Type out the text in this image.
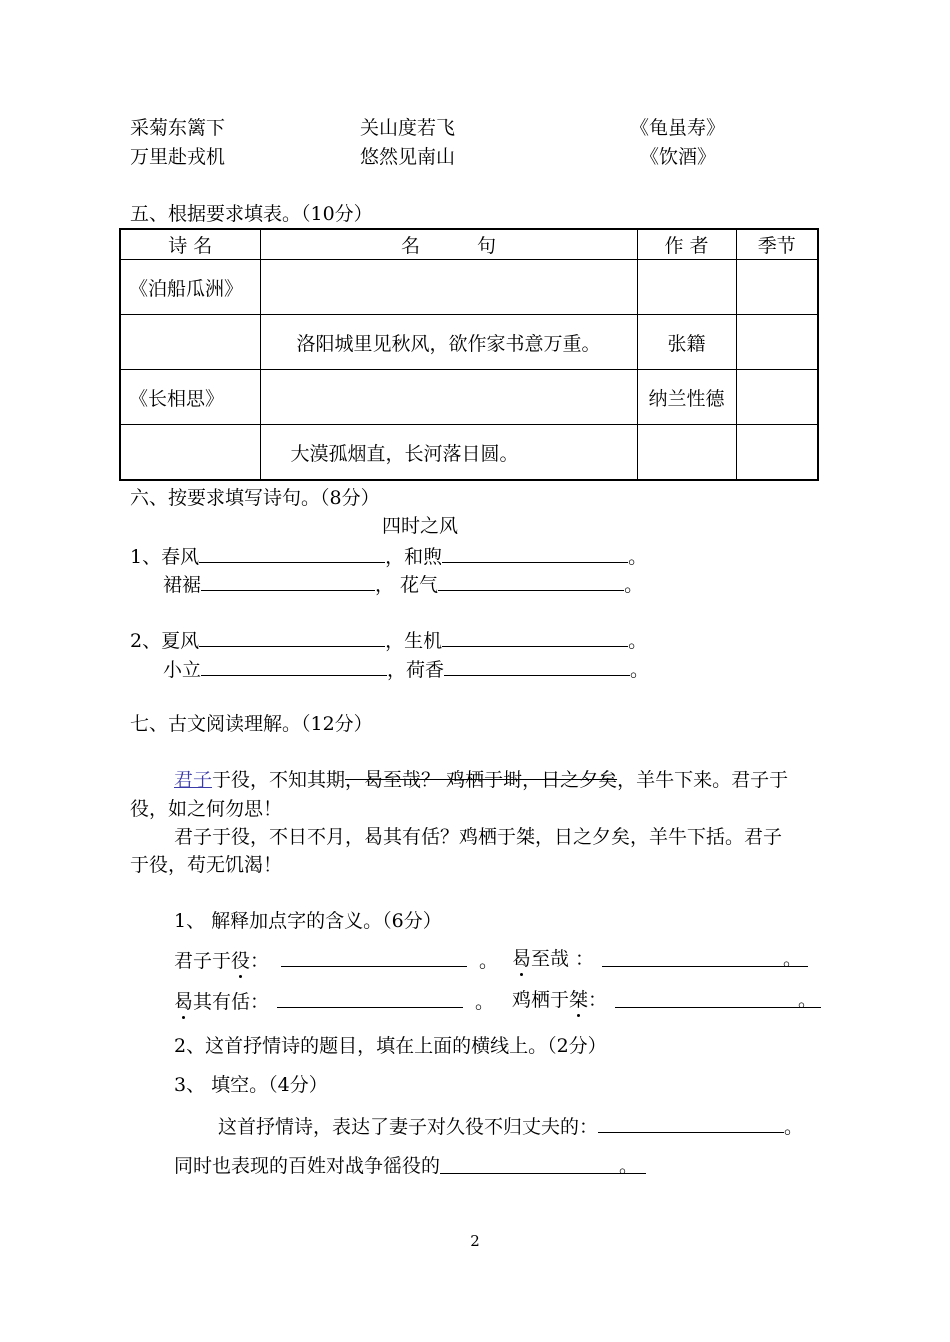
采菊东篱下	关山度若飞	《龟虽寿》
万里赴戎机	悠然见南山	《饮酒》
五、根据要求填表。（10分）
诗 名	名　　　句	作 者	季节
《泊船瓜洲》			
	洛阳城里见秋风，欲作家书意万重。	张籍	
《长相思》		纳兰性德	
	大漠孤烟直，长河落日圆。		
六、按要求填写诗句。（8分）
四时之风
1、春风	，和煦	。
裙裾	， 花气	。
2、夏风	，生机	。
小立	，荷香	。
七、古文阅读理解。（12分）
君子于役，不知其期，曷至哉？ 鸡栖于埘，日之夕矣，羊牛下来。君子于
役，如之何勿思！
君子于役，不日不月，曷其有佸？鸡栖于桀，日之夕矣，羊牛下括。君子
于役，苟无饥渴！
1、 解释加点字的含义。（6分）
君子于役：	。 曷至哉 ：	。
曷其有佸：	。 鸡栖于桀：	。
2、这首抒情诗的题目，填在上面的横线上。（2分）
3、 填空。（4分）
这首抒情诗，表达了妻子对久役不归丈夫的：	。
同时也表现的百姓对战争徭役的	。
2
